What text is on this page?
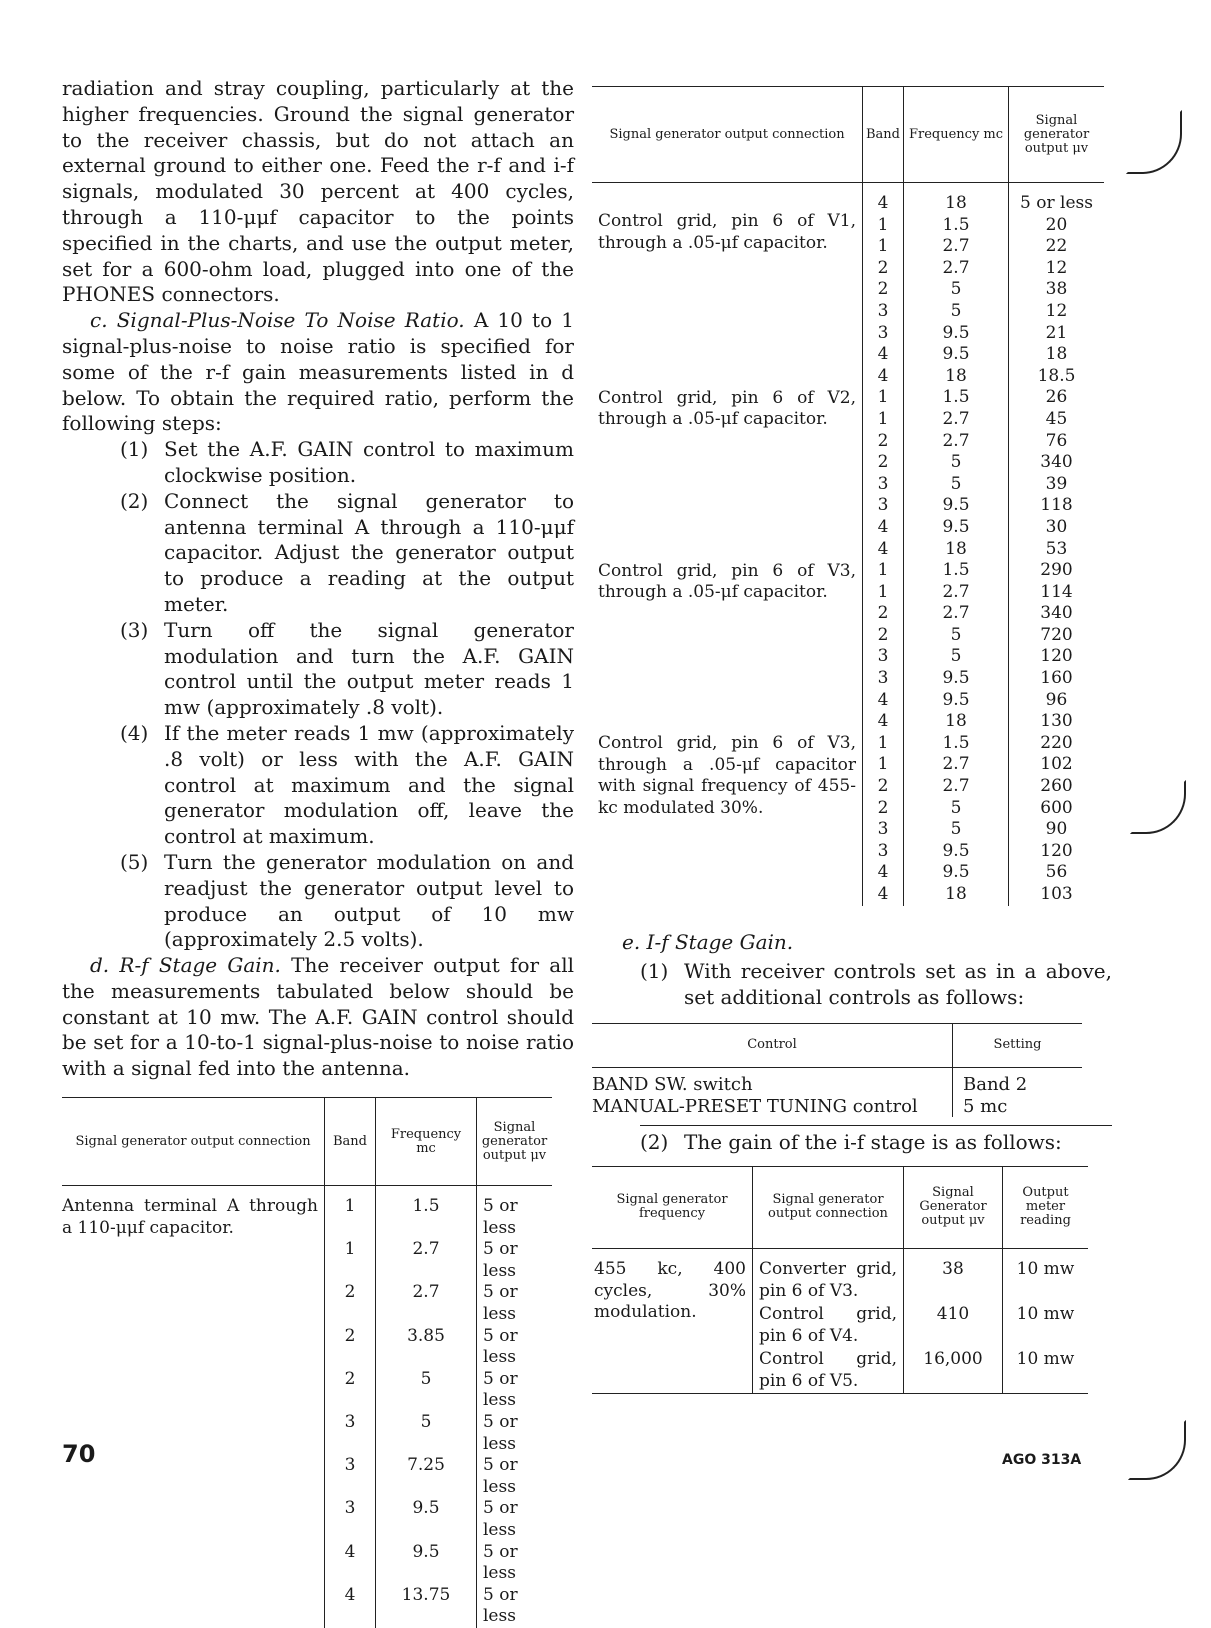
radiation and stray coupling, particularly at the higher frequencies. Ground the signal generator to the receiver chassis, but do not attach an external ground to either one. Feed the r-f and i-f signals, modulated 30 percent at 400 cycles, through a 110-μμf capacitor to the points specified in the charts, and use the output meter, set for a 600-ohm load, plugged into one of the PHONES connectors.

c. Signal-Plus-Noise To Noise Ratio. A 10 to 1 signal-plus-noise to noise ratio is specified for some of the r-f gain measurements listed in d below. To obtain the required ratio, perform the following steps:

(1) Set the A.F. GAIN control to maximum clockwise position.
(2) Connect the signal generator to antenna terminal A through a 110-μμf capacitor. Adjust the generator output to produce a reading at the output meter.
(3) Turn off the signal generator modulation and turn the A.F. GAIN control until the output meter reads 1 mw (approximately .8 volt).
(4) If the meter reads 1 mw (approximately .8 volt) or less with the A.F. GAIN control at maximum and the signal generator modulation off, leave the control at maximum.
(5) Turn the generator modulation on and readjust the generator output level to produce an output of 10 mw (approximately 2.5 volts).

d. R-f Stage Gain. The receiver output for all the measurements tabulated below should be constant at 10 mw. The A.F. GAIN control should be set for a 10-to-1 signal-plus-noise to noise ratio with a signal fed into the antenna.

Signal generator output connection	Band	Frequency mc	Signal generator output μv
Antenna terminal A through a 110-μμf capacitor.	1	1.5	5 or less
	1	2.7	5 or less
	2	2.7	5 or less
	2	3.85	5 or less
	2	5	5 or less
	3	5	5 or less
	3	7.25	5 or less
	3	9.5	5 or less
	4	9.5	5 or less
	4	13.75	5 or less
Signal generator output connection	Band	Frequency mc	Signal generator output μv
Control grid, pin 6 of V1, through a .05-μf capacitor.	4	18	5 or less
	1	1.5	20
	1	2.7	22
	2	2.7	12
	2	5	38
	3	5	12
	3	9.5	21
	4	9.5	18
Control grid, pin 6 of V2, through a .05-μf capacitor.	4	18	18.5
	1	1.5	26
	1	2.7	45
	2	2.7	76
	2	5	340
	3	5	39
	3	9.5	118
	4	9.5	30
Control grid, pin 6 of V3, through a .05-μf capacitor.	4	18	53
	1	1.5	290
	1	2.7	114
	2	2.7	340
	2	5	720
	3	5	120
	3	9.5	160
	4	9.5	96
Control grid, pin 6 of V3, through a .05-μf capacitor with signal frequency of 455-kc modulated 30%.	4	18	130
	1	1.5	220
	1	2.7	102
	2	2.7	260
	2	5	600
	3	5	90
	3	9.5	120
	4	9.5	56
	4	18	103
e. I-f Stage Gain.
(1) With receiver controls set as in a above, set additional controls as follows:
Control	Setting
BAND SW. switch	Band 2
MANUAL-PRESET TUNING control	5 mc
(2) The gain of the i-f stage is as follows:
Signal generator frequency	Signal generator output connection	Signal Generator output μv	Output meter reading
455 kc, 400 cycles, 30% modulation.	Converter grid, pin 6 of V3.	38	10 mw
	Control grid, pin 6 of V4.	410	10 mw
	Control grid, pin 6 of V5.	16,000	10 mw
70	AGO 313A
